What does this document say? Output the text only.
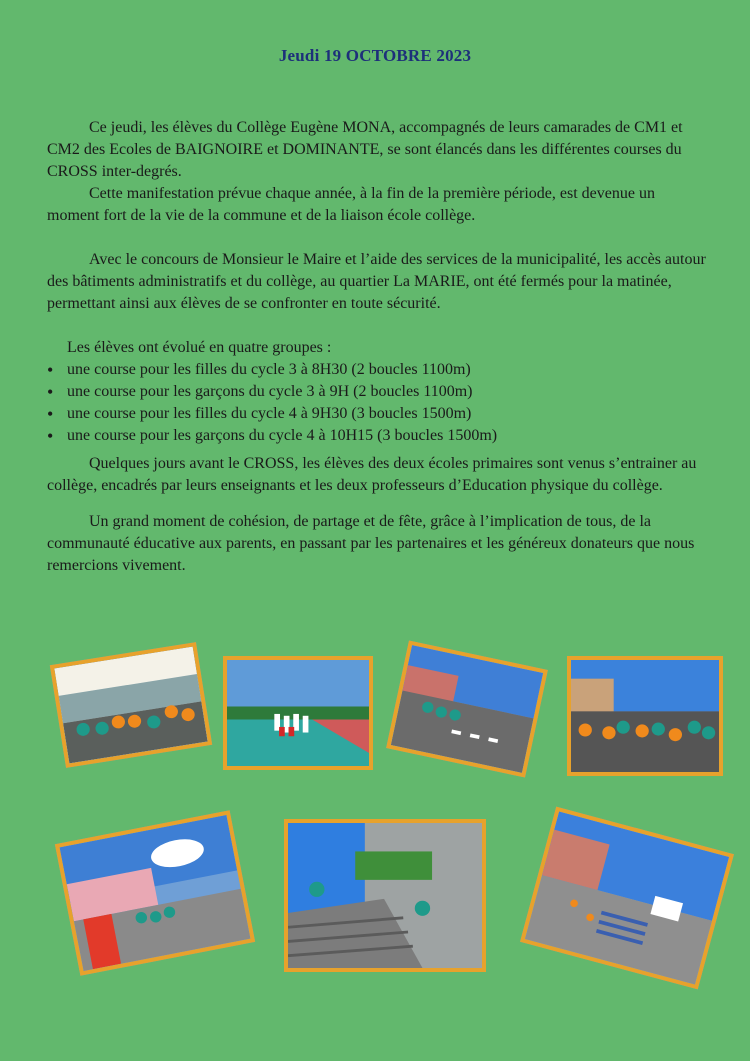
Jeudi 19 OCTOBRE 2023

Ce jeudi, les élèves du Collège Eugène MONA, accompagnés de leurs camarades de CM1 et CM2 des Ecoles de BAIGNOIRE et DOMINANTE, se sont élancés dans les différentes courses du CROSS inter-degrés.

Cette manifestation prévue chaque année, à la fin de la première période, est devenue un moment fort de la vie de la commune et de la liaison école collège.

Avec le concours de Monsieur le Maire et l’aide des services de la municipalité, les accès autour des bâtiments administratifs et du collège, au quartier La MARIE, ont été fermés pour la matinée, permettant ainsi aux élèves de se confronter en toute sécurité.

Les élèves ont évolué en quatre groupes :

• une course pour les filles du cycle 3 à 8H30 (2 boucles 1100m)
• une course pour les garçons du cycle 3 à 9H (2 boucles 1100m)
• une course pour les filles du cycle 4 à 9H30 (3 boucles 1500m)
• une course pour les garçons du cycle 4 à 10H15 (3 boucles 1500m)

Quelques jours avant le CROSS, les élèves des deux écoles primaires sont venus s’entrainer au collège, encadrés par leurs enseignants et les deux professeurs d’Education physique du collège.

Un grand moment de cohésion, de partage et de fête, grâce à l’implication de tous, de la communauté éducative aux parents, en passant par les partenaires et les généreux donateurs que nous remercions vivement.
